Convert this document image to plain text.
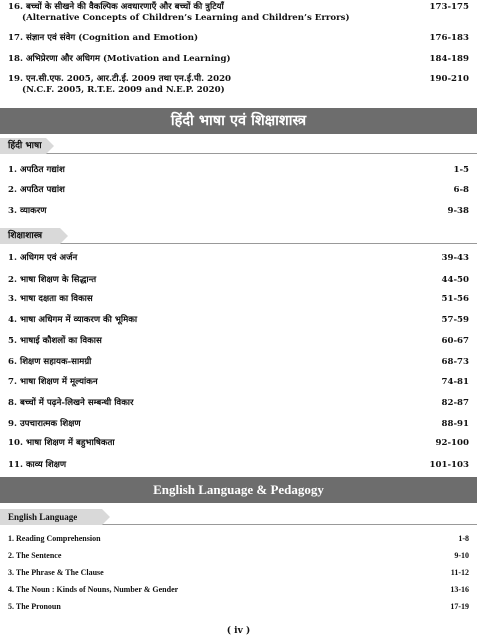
16. बच्चों के सीखने की वैकल्पिक अवधारणाएँ और बच्चों की त्रुटियाँ
(Alternative Concepts of Children’s Learning and Children’s Errors)
173-175
17. संज्ञान एवं संवेग (Cognition and Emotion)	176-183
18. अभिप्रेरणा और अधिगम (Motivation and Learning)	184-189
19. एन.सी.एफ. 2005, आर.टी.ई. 2009 तथा एन.ई.पी. 2020
(N.C.F. 2005, R.T.E. 2009 and N.E.P. 2020)
190-210
हिंदी भाषा एवं शिक्षाशास्त्र
हिंदी भाषा
1. अपठित गद्यांश	1-5
2. अपठित पद्यांश	6-8
3. व्याकरण	9-38
शिक्षाशास्त्र
1. अधिगम एवं अर्जन	39-43
2. भाषा शिक्षण के सिद्धान्त	44-50
3. भाषा दक्षता का विकास	51-56
4. भाषा अधिगम में व्याकरण की भूमिका	57-59
5. भाषाई कौशलों का विकास	60-67
6. शिक्षण सहायक-सामग्री	68-73
7. भाषा शिक्षण में मूल्यांकन	74-81
8. बच्चों में पढ़ने-लिखने सम्बन्धी विकार	82-87
9. उपचारात्मक शिक्षण	88-91
10. भाषा शिक्षण में बहुभाषिकता	92-100
11. काव्य शिक्षण	101-103
English Language & Pedagogy
English Language
1. Reading Comprehension	1-8
2. The Sentence	9-10
3. The Phrase & The Clause	11-12
4. The Noun : Kinds of Nouns, Number & Gender	13-16
5. The Pronoun	17-19
( iv )
